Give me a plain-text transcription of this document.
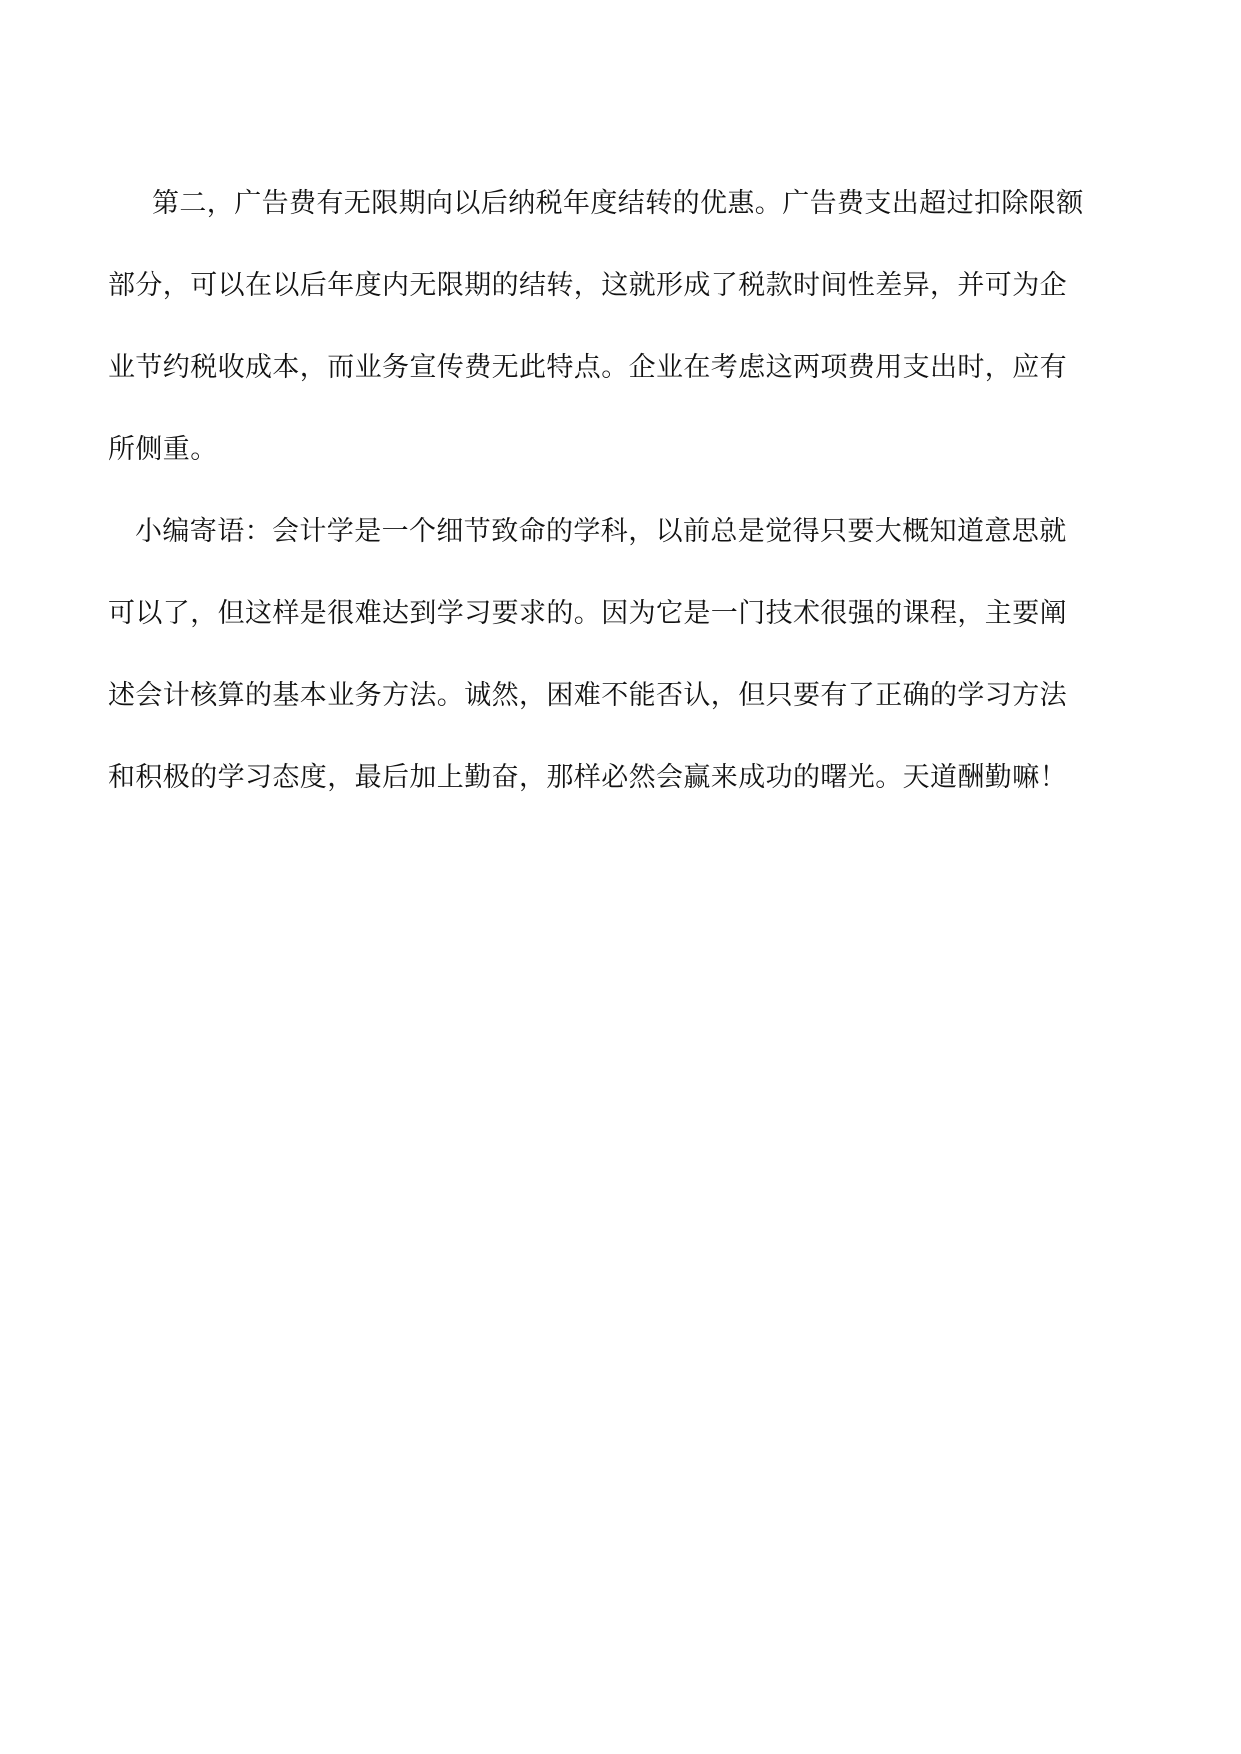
第二，广告费有无限期向以后纳税年度结转的优惠。广告费支出超过扣除限额
部分，可以在以后年度内无限期的结转，这就形成了税款时间性差异，并可为企
业节约税收成本，而业务宣传费无此特点。企业在考虑这两项费用支出时，应有
所侧重。
小编寄语：会计学是一个细节致命的学科，以前总是觉得只要大概知道意思就
可以了，但这样是很难达到学习要求的。因为它是一门技术很强的课程，主要阐
述会计核算的基本业务方法。诚然，困难不能否认，但只要有了正确的学习方法
和积极的学习态度，最后加上勤奋，那样必然会赢来成功的曙光。天道酬勤嘛！
